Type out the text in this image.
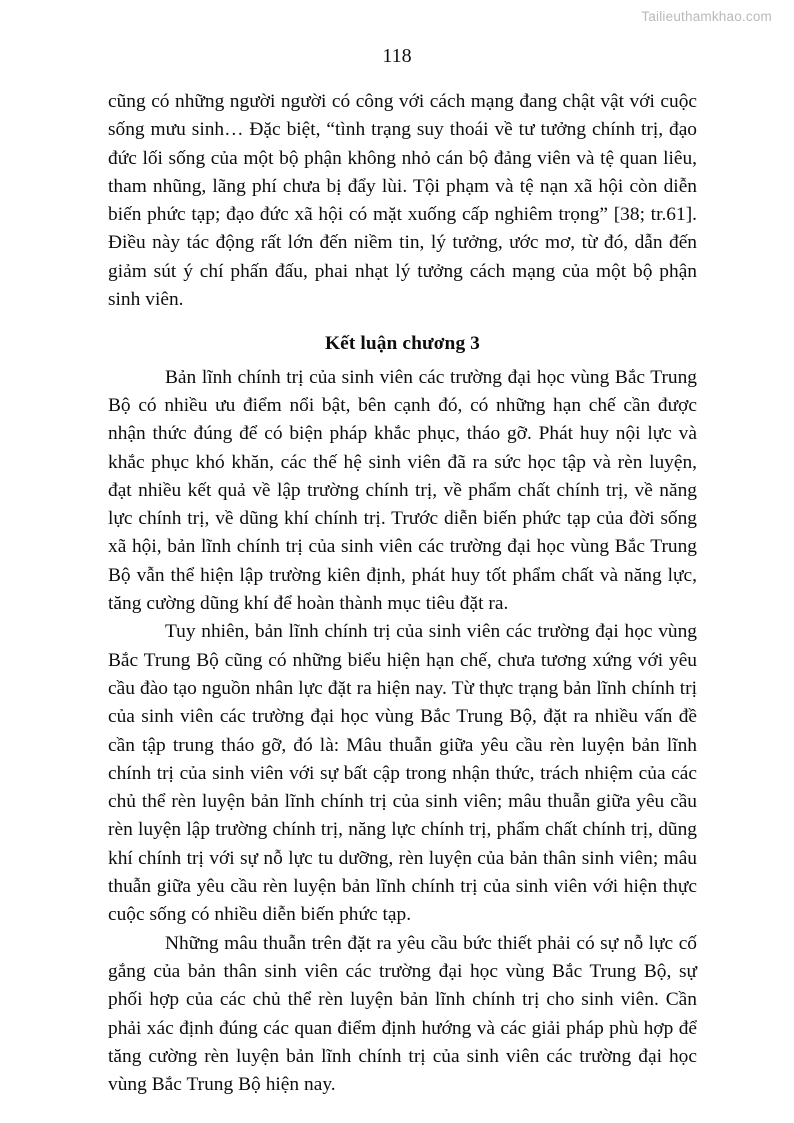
Tailieuthamkhao.com
118

cũng có những người người có công với cách mạng đang chật vật với cuộc sống mưu sinh… Đặc biệt, “tình trạng suy thoái về tư tưởng chính trị, đạo đức lối sống của một bộ phận không nhỏ cán bộ đảng viên và tệ quan liêu, tham nhũng, lãng phí chưa bị đẩy lùi. Tội phạm và tệ nạn xã hội còn diễn biến phức tạp; đạo đức xã hội có mặt xuống cấp nghiêm trọng” [38; tr.61]. Điều này tác động rất lớn đến niềm tin, lý tưởng, ước mơ, từ đó, dẫn đến giảm sút ý chí phấn đấu, phai nhạt lý tưởng cách mạng của một bộ phận sinh viên.

Kết luận chương 3

Bản lĩnh chính trị của sinh viên các trường đại học vùng Bắc Trung Bộ có nhiều ưu điểm nổi bật, bên cạnh đó, có những hạn chế cần được nhận thức đúng để có biện pháp khắc phục, tháo gỡ. Phát huy nội lực và khắc phục khó khăn, các thế hệ sinh viên đã ra sức học tập và rèn luyện, đạt nhiều kết quả về lập trường chính trị, về phẩm chất chính trị, về năng lực chính trị, về dũng khí chính trị. Trước diễn biến phức tạp của đời sống xã hội, bản lĩnh chính trị của sinh viên các trường đại học vùng Bắc Trung Bộ vẫn thể hiện lập trường kiên định, phát huy tốt phẩm chất và năng lực, tăng cường dũng khí để hoàn thành mục tiêu đặt ra.

Tuy nhiên, bản lĩnh chính trị của sinh viên các trường đại học vùng Bắc Trung Bộ cũng có những biểu hiện hạn chế, chưa tương xứng với yêu cầu đào tạo nguồn nhân lực đặt ra hiện nay. Từ thực trạng bản lĩnh chính trị của sinh viên các trường đại học vùng Bắc Trung Bộ, đặt ra nhiều vấn đề cần tập trung tháo gỡ, đó là: Mâu thuẫn giữa yêu cầu rèn luyện bản lĩnh chính trị của sinh viên với sự bất cập trong nhận thức, trách nhiệm của các chủ thể rèn luyện bản lĩnh chính trị của sinh viên; mâu thuẫn giữa yêu cầu rèn luyện lập trường chính trị, năng lực chính trị, phẩm chất chính trị, dũng khí chính trị với sự nỗ lực tu dưỡng, rèn luyện của bản thân sinh viên; mâu thuẫn giữa yêu cầu rèn luyện bản lĩnh chính trị của sinh viên với hiện thực cuộc sống có nhiều diễn biến phức tạp.

Những mâu thuẫn trên đặt ra yêu cầu bức thiết phải có sự nỗ lực cố gắng của bản thân sinh viên các trường đại học vùng Bắc Trung Bộ, sự phối hợp của các chủ thể rèn luyện bản lĩnh chính trị cho sinh viên. Cần phải xác định đúng các quan điểm định hướng và các giải pháp phù hợp để tăng cường rèn luyện bản lĩnh chính trị của sinh viên các trường đại học vùng Bắc Trung Bộ hiện nay.
